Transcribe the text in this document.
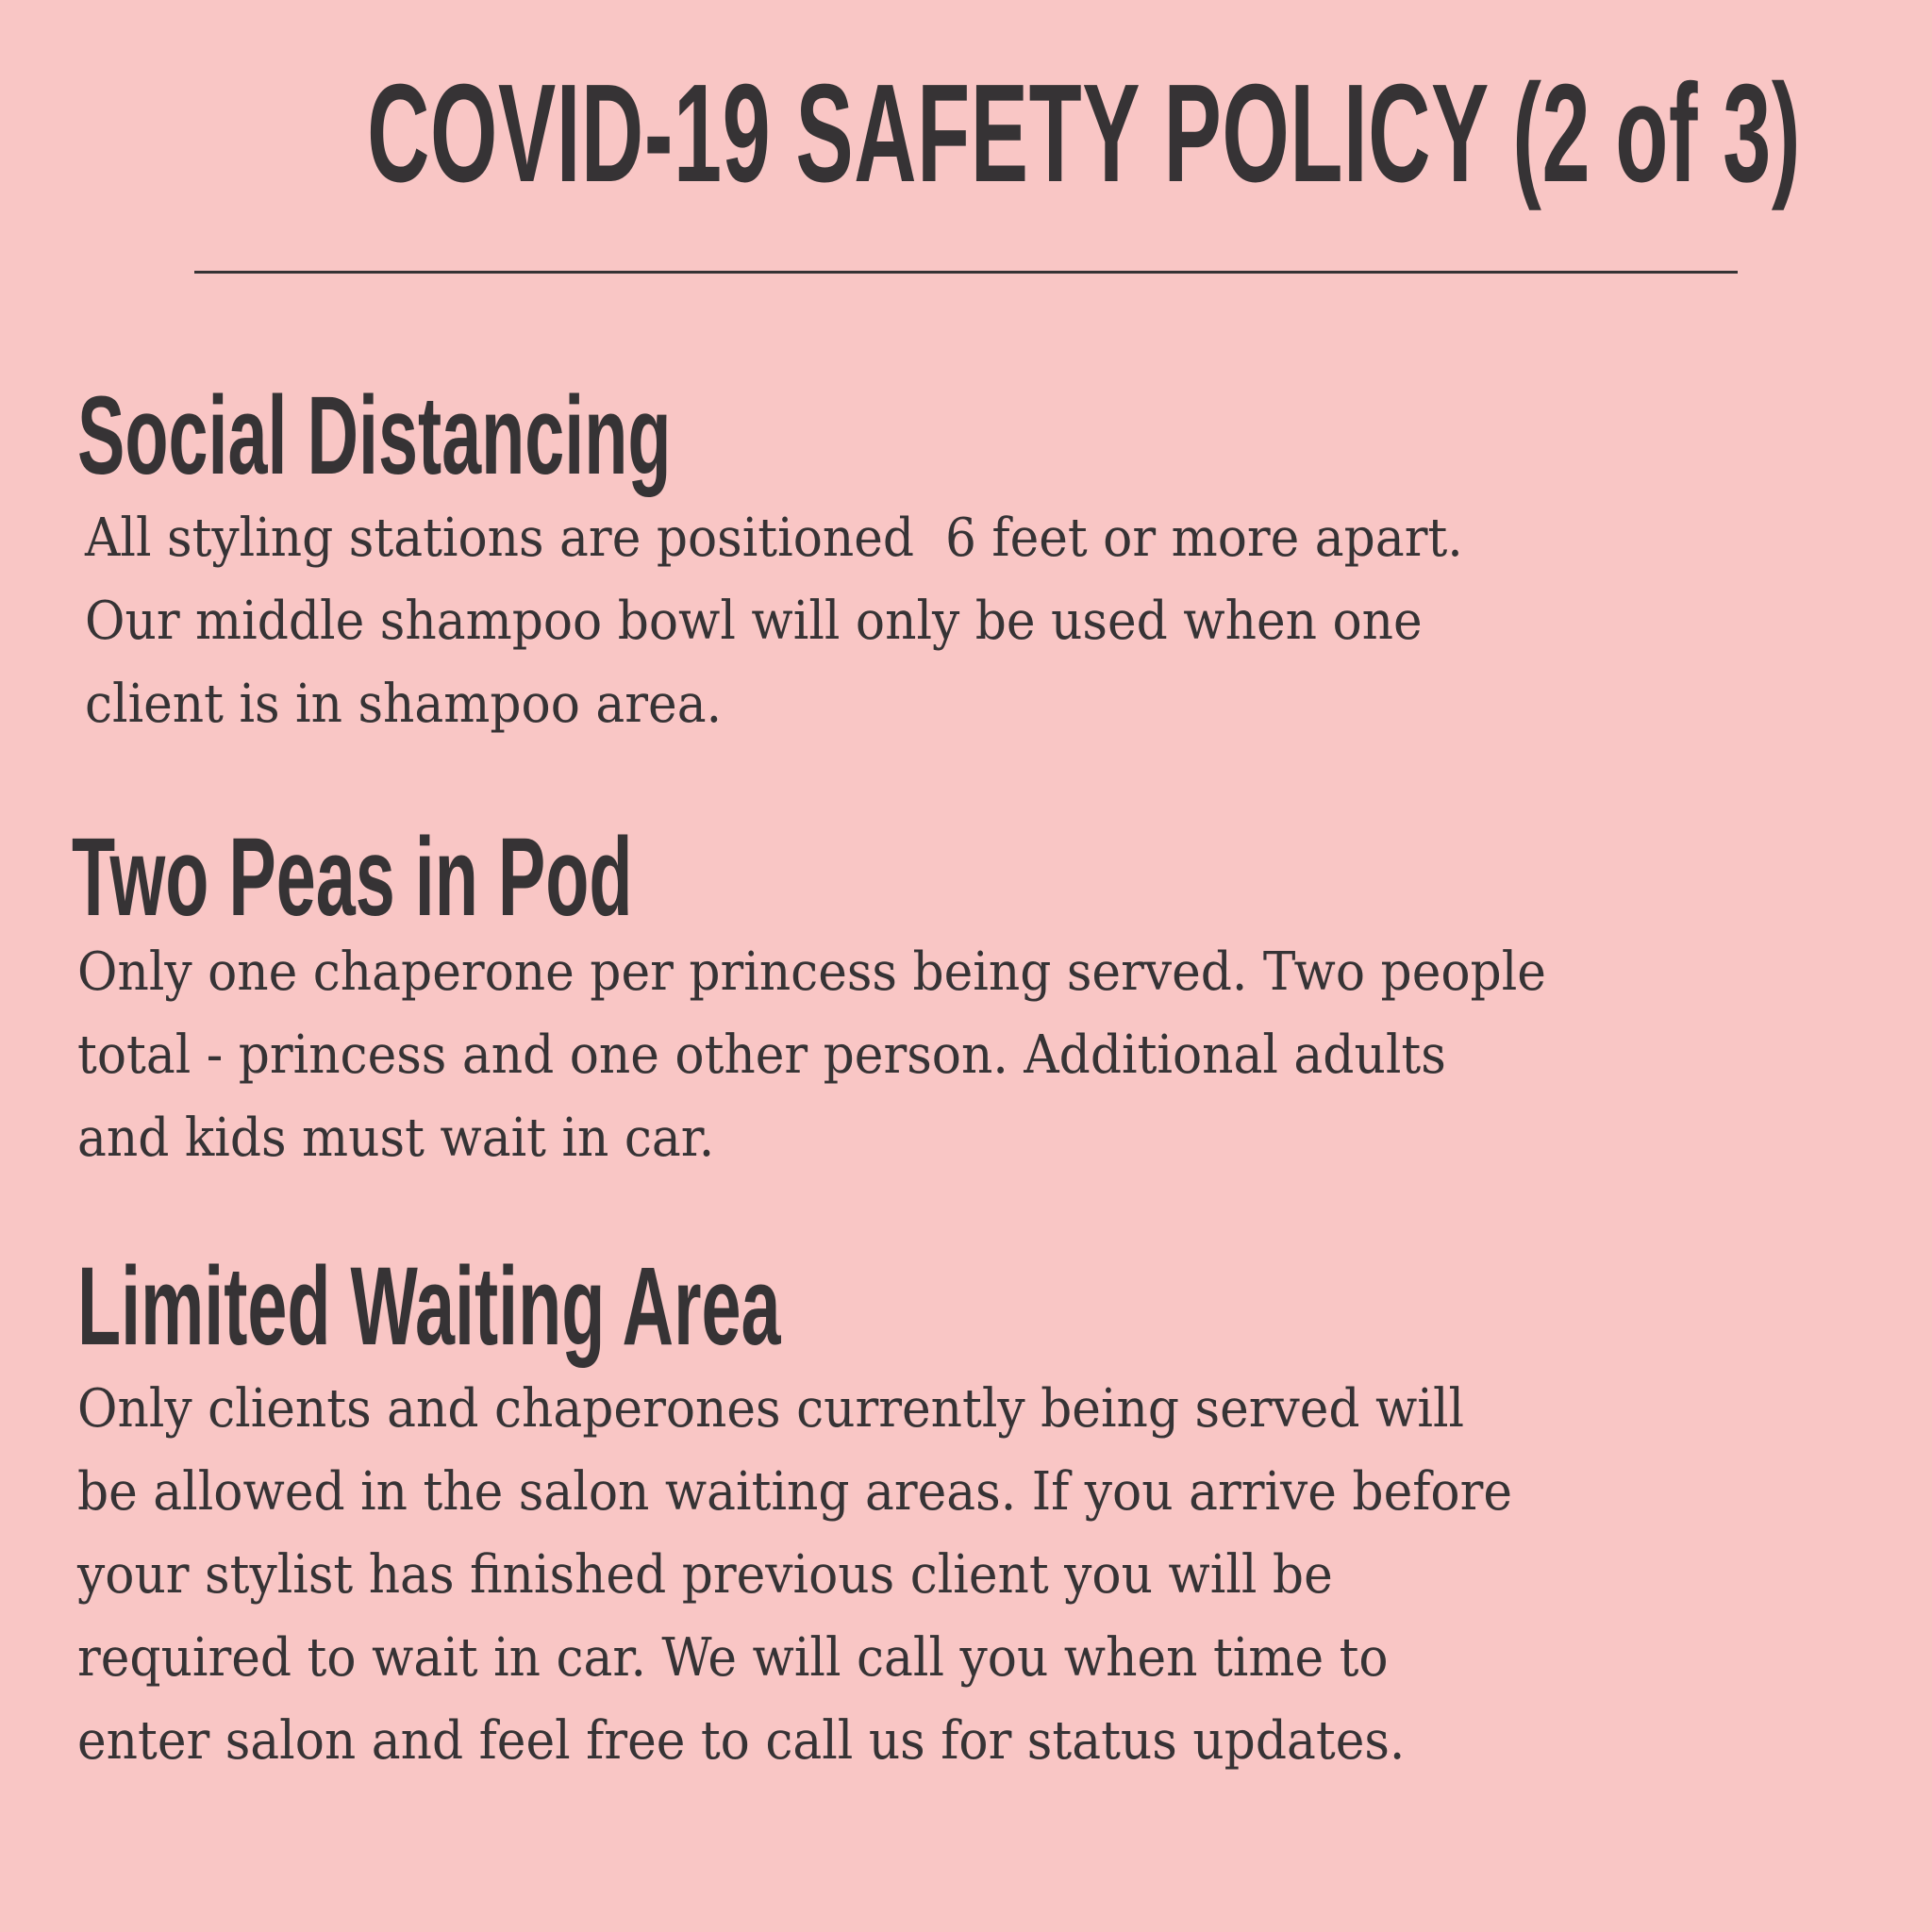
COVID-19 SAFETY POLICY (2 of 3)
Social Distancing

All styling stations are positioned  6 feet or more apart.
Our middle shampoo bowl will only be used when one
client is in shampoo area.

Two Peas in Pod

Only one chaperone per princess being served. Two people
total - princess and one other person. Additional adults
and kids must wait in car.

Limited Waiting Area

Only clients and chaperones currently being served will
be allowed in the salon waiting areas. If you arrive before
your stylist has finished previous client you will be
required to wait in car. We will call you when time to
enter salon and feel free to call us for status updates.
